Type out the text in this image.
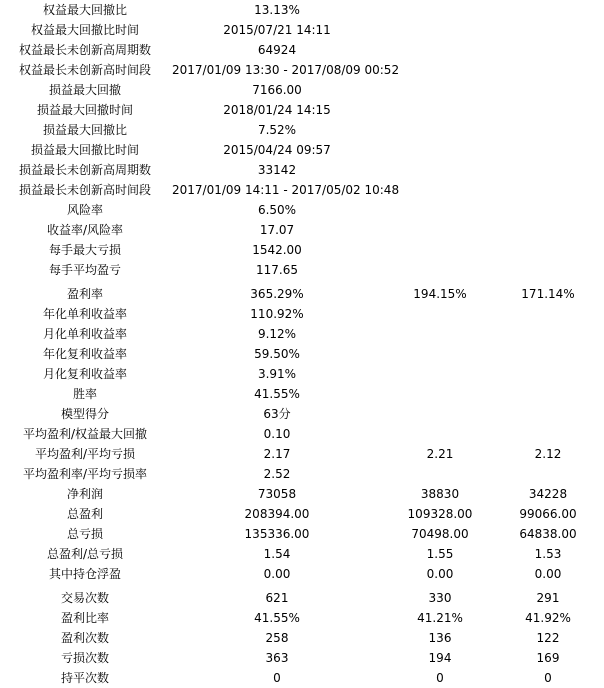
权益最大回撤比	13.13%
权益最大回撤比时间	2015/07/21 14:11
权益最长未创新高周期数	64924
权益最长未创新高时间段	2017/01/09 13:30 - 2017/08/09 00:52
损益最大回撤	7166.00
损益最大回撤时间	2018/01/24 14:15
损益最大回撤比	7.52%
损益最大回撤比时间	2015/04/24 09:57
损益最长未创新高周期数	33142
损益最长未创新高时间段	2017/01/09 14:11 - 2017/05/02 10:48
风险率	6.50%
收益率/风险率	17.07
每手最大亏损	1542.00
每手平均盈亏	117.65
盈利率	365.29%	194.15%	171.14%
年化单利收益率	110.92%
月化单利收益率	9.12%
年化复利收益率	59.50%
月化复利收益率	3.91%
胜率	41.55%
模型得分	63分
平均盈利/权益最大回撤	0.10
平均盈利/平均亏损	2.17	2.21	2.12
平均盈利率/平均亏损率	2.52
净利润	73058	38830	34228
总盈利	208394.00	109328.00	99066.00
总亏损	135336.00	70498.00	64838.00
总盈利/总亏损	1.54	1.55	1.53
其中持仓浮盈	0.00	0.00	0.00
交易次数	621	330	291
盈利比率	41.55%	41.21%	41.92%
盈利次数	258	136	122
亏损次数	363	194	169
持平次数	0	0	0
